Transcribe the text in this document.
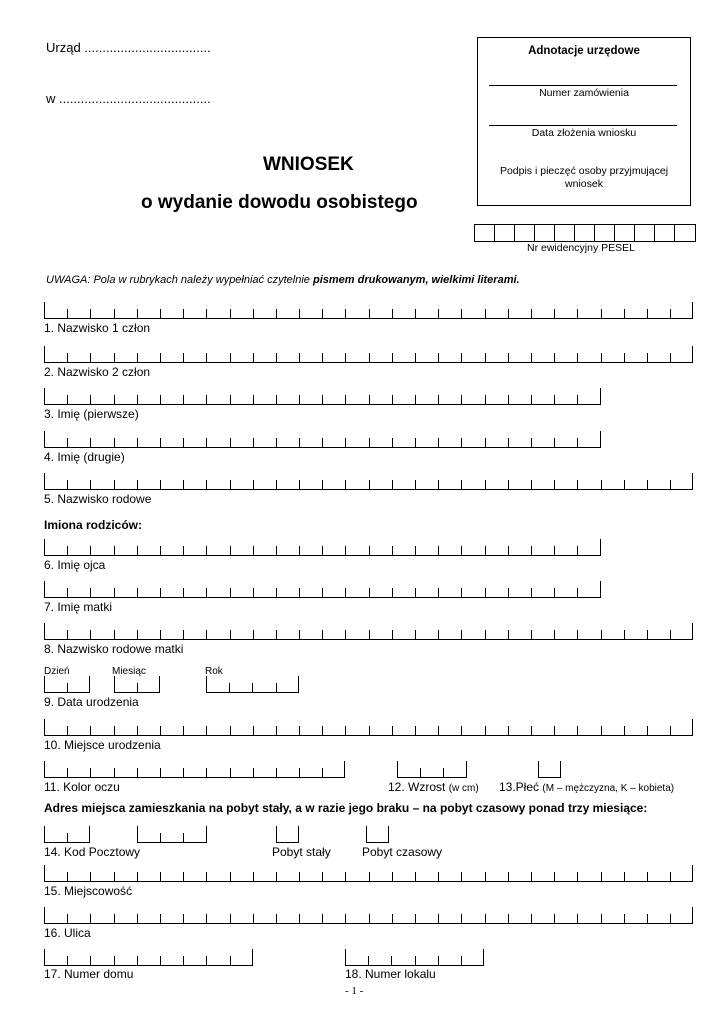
Urząd ...................................
w ..........................................
WNIOSEK
o wydanie dowodu osobistego
Adnotacje urzędowe
Numer zamówienia
Data złożenia wniosku
Podpis i pieczęć osoby przyjmującej wniosek
Nr ewidencyjny PESEL
UWAGA: Pola w rubrykach należy wypełniać czytelnie pismem drukowanym, wielkimi literami.
1. Nazwisko 1 człon
2. Nazwisko 2 człon
3. Imię (pierwsze)
4. Imię (drugie)
5. Nazwisko rodowe
Imiona rodziców:
6. Imię ojca
7. Imię matki
8. Nazwisko rodowe matki
Dzień	Miesiąc	Rok
9. Data urodzenia
10. Miejsce urodzenia
11. Kolor oczu	12. Wzrost (w cm) 13.Płeć (M – mężczyzna, K – kobieta)
Adres miejsca zamieszkania na pobyt stały, a w razie jego braku – na pobyt czasowy ponad trzy miesiące:
14. Kod Pocztowy	Pobyt stały	Pobyt czasowy
15. Miejscowość
16. Ulica
17. Numer domu	18. Numer lokalu
- 1 -
